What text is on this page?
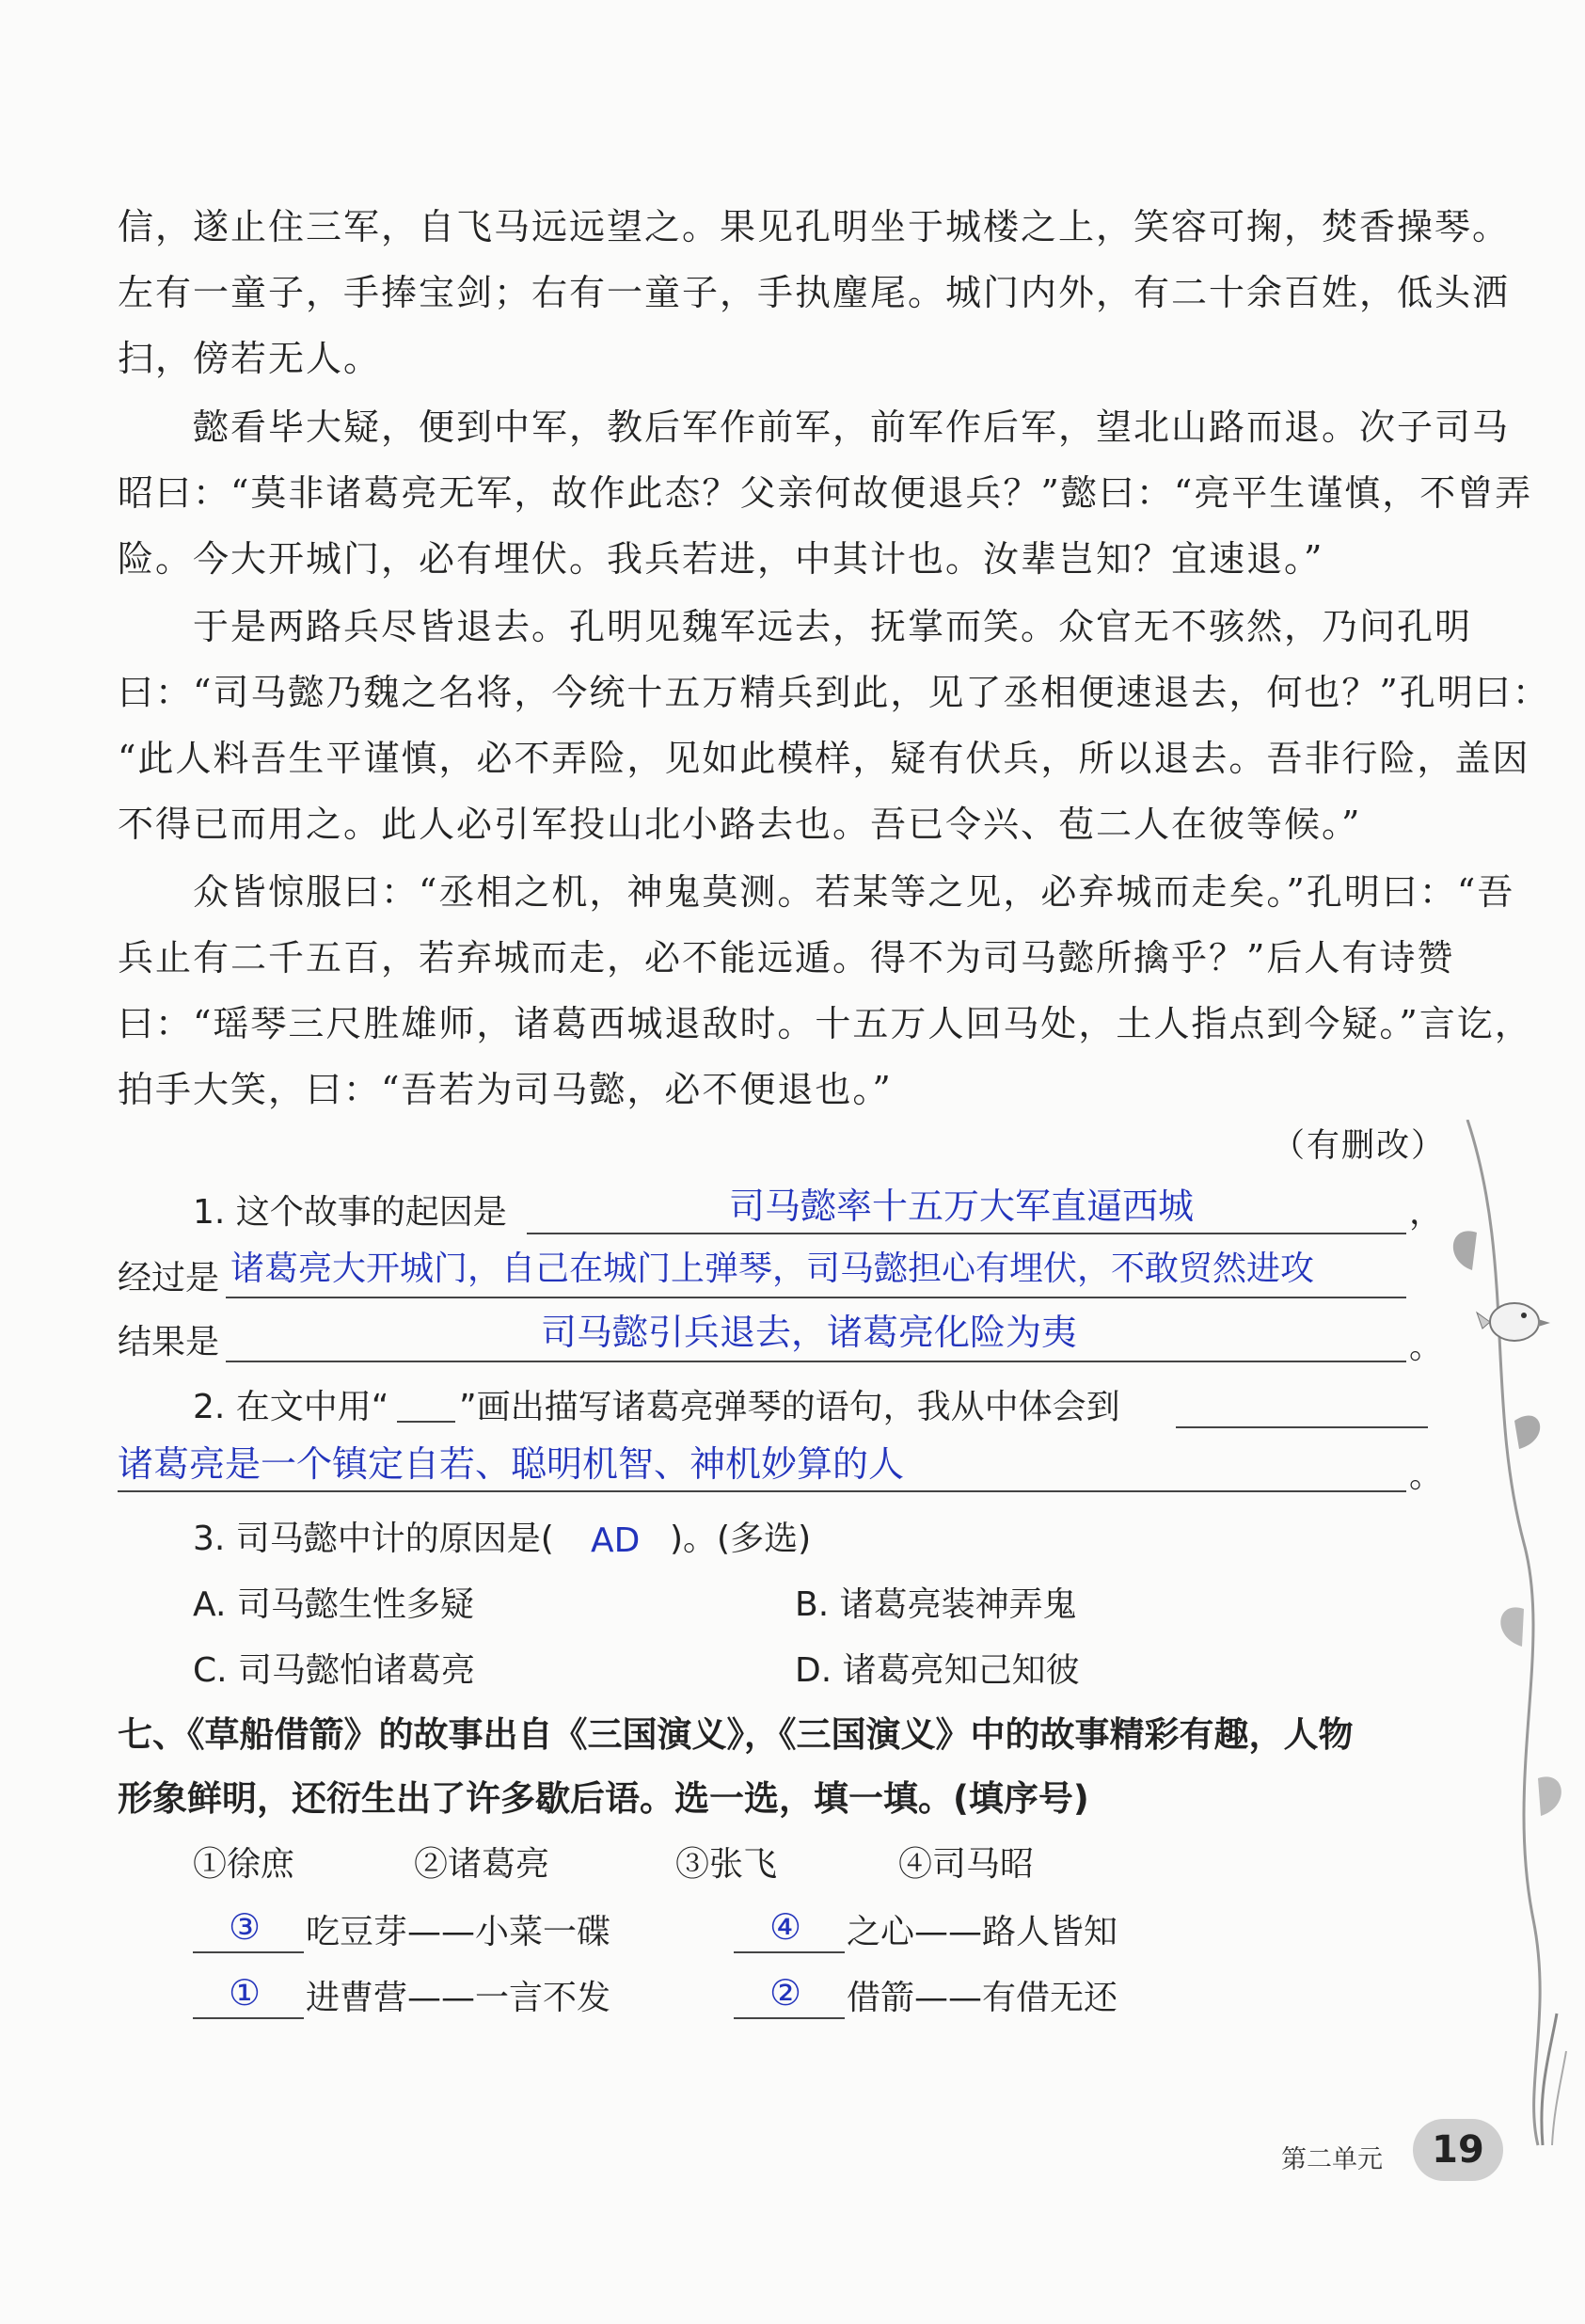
信，遂止住三军，自飞马远远望之。果见孔明坐于城楼之上，笑容可掬，焚香操琴。
左有一童子，手捧宝剑；右有一童子，手执麈尾。城门内外，有二十余百姓，低头洒
扫，傍若无人。
　　懿看毕大疑，便到中军，教后军作前军，前军作后军，望北山路而退。次子司马
昭曰：“莫非诸葛亮无军，故作此态？父亲何故便退兵？”懿曰：“亮平生谨慎，不曾弄
险。今大开城门，必有埋伏。我兵若进，中其计也。汝辈岂知？宜速退。”
　　于是两路兵尽皆退去。孔明见魏军远去，抚掌而笑。众官无不骇然，乃问孔明
曰：“司马懿乃魏之名将，今统十五万精兵到此，见了丞相便速退去，何也？”孔明曰：
“此人料吾生平谨慎，必不弄险，见如此模样，疑有伏兵，所以退去。吾非行险，盖因
不得已而用之。此人必引军投山北小路去也。吾已令兴、苞二人在彼等候。”
　　众皆惊服曰：“丞相之机，神鬼莫测。若某等之见，必弃城而走矣。”孔明曰：“吾
兵止有二千五百，若弃城而走，必不能远遁。得不为司马懿所擒乎？”后人有诗赞
曰：“瑶琴三尺胜雄师，诸葛西城退敌时。十五万人回马处，土人指点到今疑。”言讫，
拍手大笑，曰：“吾若为司马懿，必不便退也。”
（有删改）
1. 这个故事的起因是	司马懿率十五万大军直逼西城	，
经过是 诸葛亮大开城门，自己在城门上弹琴，司马懿担心有埋伏，不敢贸然进攻
结果是	司马懿引兵退去，诸葛亮化险为夷	。
2. 在文中用“ ”画出描写诸葛亮弹琴的语句，我从中体会到
诸葛亮是一个镇定自若、聪明机智、神机妙算的人	。
3. 司马懿中计的原因是( AD )。(多选)
A. 司马懿生性多疑	B. 诸葛亮装神弄鬼
C. 司马懿怕诸葛亮	D. 诸葛亮知己知彼
七、《草船借箭》的故事出自《三国演义》，《三国演义》中的故事精彩有趣，人物
形象鲜明，还衍生出了许多歇后语。选一选，填一填。(填序号)
①徐庶	②诸葛亮	③张飞	④司马昭
③ 吃豆芽——小菜一碟	④ 之心——路人皆知
① 进曹营——一言不发	② 借箭——有借无还
第二单元	19
